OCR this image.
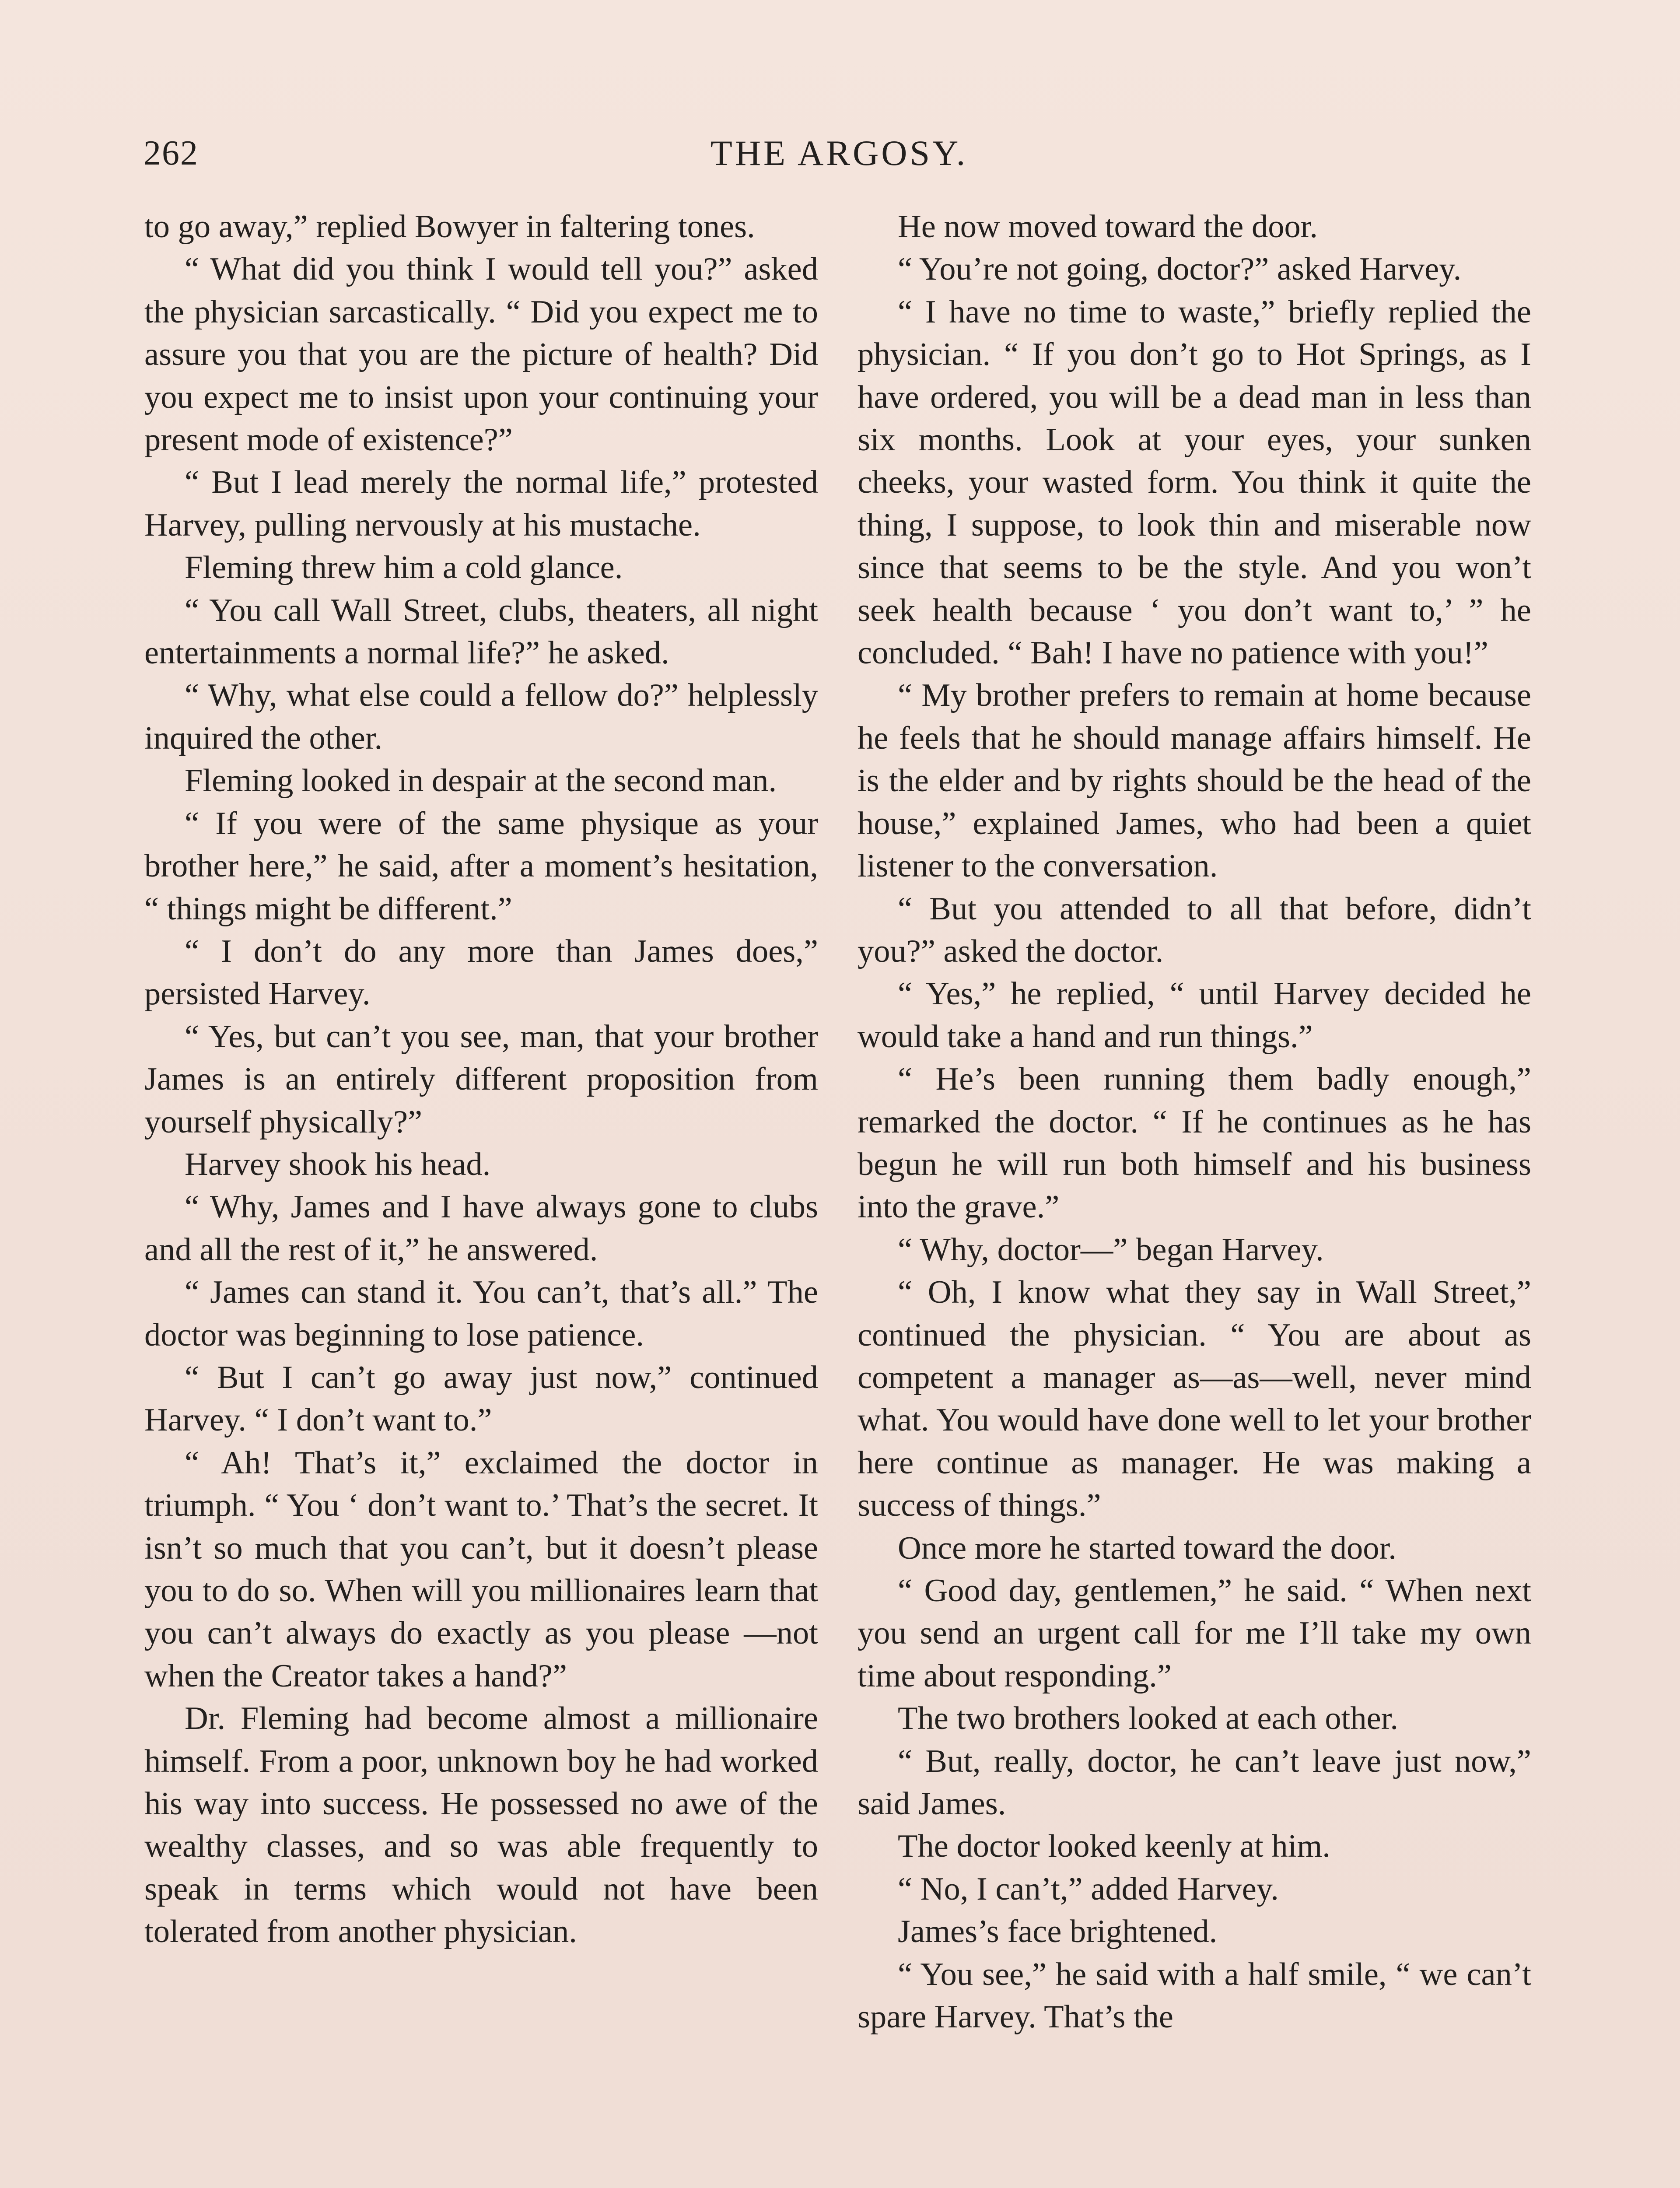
262	THE ARGOSY.

to go away,” replied Bowyer in faltering tones.

“ What did you think I would tell you?” asked the physician sarcastically. “ Did you expect me to assure you that you are the picture of health? Did you expect me to insist upon your continuing your present mode of existence?”

“ But I lead merely the normal life,” protested Harvey, pulling nervously at his mustache.

Fleming threw him a cold glance.

“ You call Wall Street, clubs, theaters, all night entertainments a normal life?” he asked.

“ Why, what else could a fellow do?” helplessly inquired the other.

Fleming looked in despair at the second man.

“ If you were of the same physique as your brother here,” he said, after a moment’s hesitation, “ things might be different.”

“ I don’t do any more than James does,” persisted Harvey.

“ Yes, but can’t you see, man, that your brother James is an entirely different proposition from yourself physically?”

Harvey shook his head.

“ Why, James and I have always gone to clubs and all the rest of it,” he answered.

“ James can stand it. You can’t, that’s all.” The doctor was beginning to lose patience.

“ But I can’t go away just now,” continued Harvey. “ I don’t want to.”

“ Ah! That’s it,” exclaimed the doctor in triumph. “ You ‘ don’t want to.’ That’s the secret. It isn’t so much that you can’t, but it doesn’t please you to do so. When will you millionaires learn that you can’t always do exactly as you please —not when the Creator takes a hand?”

Dr. Fleming had become almost a millionaire himself. From a poor, unknown boy he had worked his way into success. He possessed no awe of the wealthy classes, and so was able frequently to speak in terms which would not have been tolerated from another physician.

He now moved toward the door.

“ You’re not going, doctor?” asked Harvey.

“ I have no time to waste,” briefly replied the physician. “ If you don’t go to Hot Springs, as I have ordered, you will be a dead man in less than six months. Look at your eyes, your sunken cheeks, your wasted form. You think it quite the thing, I suppose, to look thin and miserable now since that seems to be the style. And you won’t seek health because ‘ you don’t want to,’ ” he concluded. “ Bah! I have no patience with you!”

“ My brother prefers to remain at home because he feels that he should manage affairs himself. He is the elder and by rights should be the head of the house,” explained James, who had been a quiet listener to the conversation.

“ But you attended to all that before, didn’t you?” asked the doctor.

“ Yes,” he replied, “ until Harvey decided he would take a hand and run things.”

“ He’s been running them badly enough,” remarked the doctor. “ If he continues as he has begun he will run both himself and his business into the grave.”

“ Why, doctor—” began Harvey.

“ Oh, I know what they say in Wall Street,” continued the physician. “ You are about as competent a manager as—as—well, never mind what. You would have done well to let your brother here continue as manager. He was making a success of things.”

Once more he started toward the door.

“ Good day, gentlemen,” he said. “ When next you send an urgent call for me I’ll take my own time about responding.”

The two brothers looked at each other.

“ But, really, doctor, he can’t leave just now,” said James.

The doctor looked keenly at him.

“ No, I can’t,” added Harvey.

James’s face brightened.

“ You see,” he said with a half smile, “ we can’t spare Harvey. That’s the
